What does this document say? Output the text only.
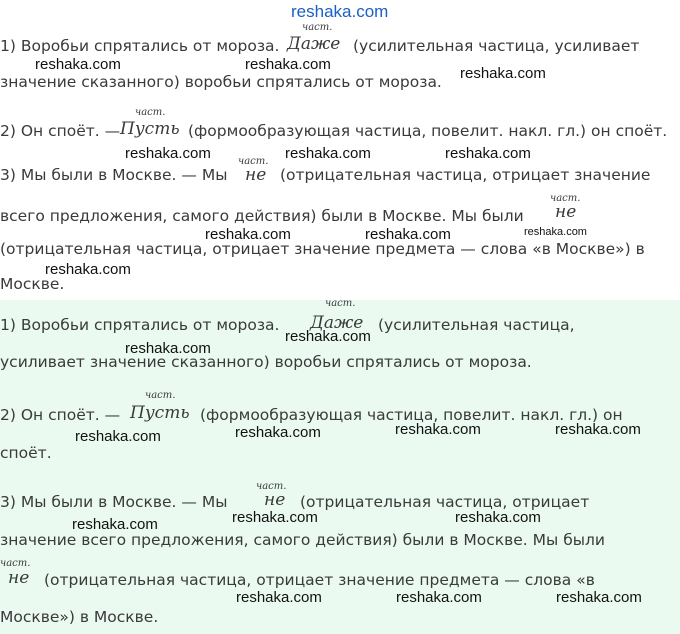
reshaka.com
1) Воробьи спрятались от мороза.
част.
Даже (усилительная частица, усиливает
reshaka.com	reshaka.com
значение сказанного) воробьи спрятались от мороза. reshaka.com
част.
2) Он споёт. — Пусть (формообразующая частица, повелит. накл. гл.) он споёт.
reshaka.com	reshaka.com	reshaka.com
3) Мы были в Москве. — Мы
част.
не (отрицательная частица, отрицает значение
всего предложения, самого действия) были в Москве. Мы были
част.
не
reshaka.com	reshaka.com	reshaka.com
(отрицательная частица, отрицает значение предмета — слова «в Москве») в
reshaka.com
Москве.
1) Воробьи спрятались от мороза.
част.
Даже (усилительная частица,
reshaka.com
reshaka.com
усиливает значение сказанного) воробьи спрятались от мороза.
част.
2) Он споёт. — Пусть (формообразующая частица, повелит. накл. гл.) он
reshaka.com	reshaka.com	reshaka.com	reshaka.com
споёт.
3) Мы были в Москве. — Мы
част.
не (отрицательная частица, отрицает
reshaka.com	reshaka.com	reshaka.com
значение всего предложения, самого действия) были в Москве. Мы были
част.
не (отрицательная частица, отрицает значение предмета — слова «в
reshaka.com	reshaka.com	reshaka.com
Москве») в Москве.
